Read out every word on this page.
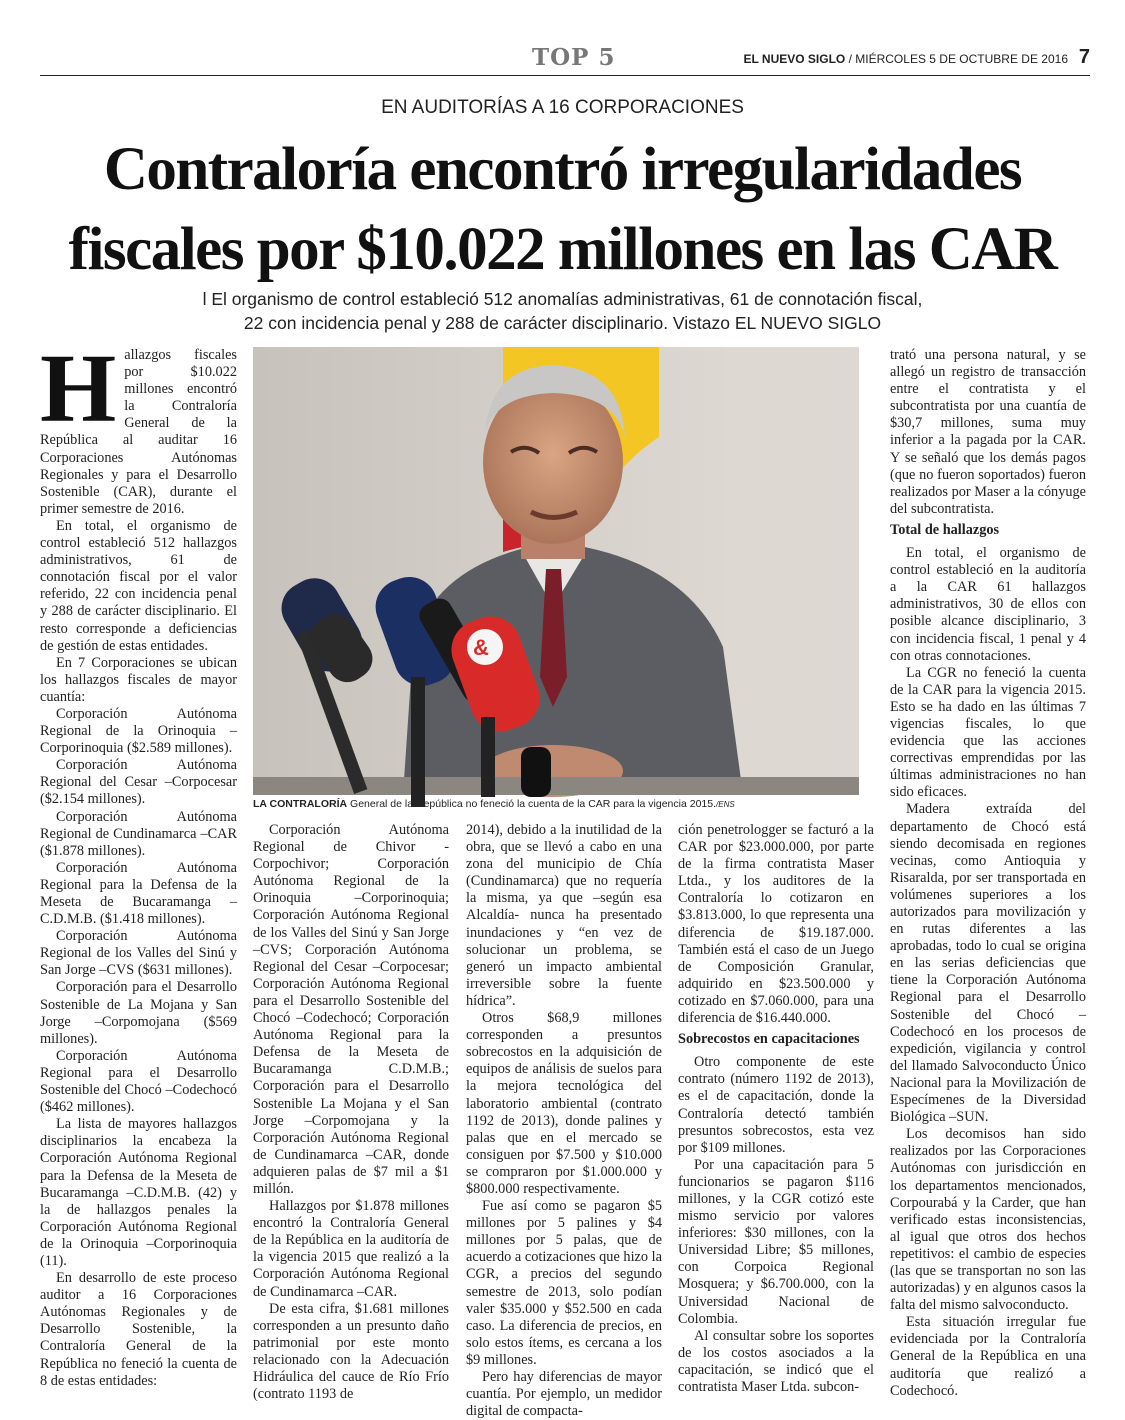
TOP 5	EL NUEVO SIGLO / MIÉRCOLES 5 DE OCTUBRE DE 2016 7
EN AUDITORÍAS A 16 CORPORACIONES
Contraloría encontró irregularidades
fiscales por $10.022 millones en las CAR
l El organismo de control estableció 512 anomalías administrativas, 61 de connotación fiscal,
22 con incidencia penal y 288 de carácter disciplinario. Vistazo EL NUEVO SIGLO
&
LA CONTRALORÍA General de la República no feneció la cuenta de la CAR para la vigencia 2015./ENS

Hallazgos fiscales por $10.022 millones encontró la Contraloría General de la República al auditar 16 Corporaciones Autónomas Regionales y para el Desarrollo Sostenible (CAR), durante el primer semestre de 2016.

En total, el organismo de control estableció 512 hallazgos administrativos, 61 de connotación fiscal por el valor referido, 22 con incidencia penal y 288 de carácter disciplinario. El resto corresponde a deficiencias de gestión de estas entidades.

En 7 Corporaciones se ubican los hallazgos fiscales de mayor cuantía:

Corporación Autónoma Regional de la Orinoquia –Corporinoquia ($2.589 millones).

Corporación Autónoma Regional del Cesar –Corpocesar ($2.154 millones).

Corporación Autónoma Regional de Cundinamarca –CAR ($1.878 millones).

Corporación Autónoma Regional para la Defensa de la Meseta de Bucaramanga –C.D.M.B. ($1.418 millones).

Corporación Autónoma Regional de los Valles del Sinú y San Jorge –CVS ($631 millones).

Corporación para el Desarrollo Sostenible de La Mojana y San Jorge –Corpomojana ($569 millones).

Corporación Autónoma Regional para el Desarrollo Sostenible del Chocó –Codechocó ($462 millones).

La lista de mayores hallazgos disciplinarios la encabeza la Corporación Autónoma Regional para la Defensa de la Meseta de Bucaramanga –C.D.M.B. (42) y la de hallazgos penales la Corporación Autónoma Regional de la Orinoquia –Corporinoquia (11).

En desarrollo de este proceso auditor a 16 Corporaciones Autónomas Regionales y de Desarrollo Sostenible, la Contraloría General de la República no feneció la cuenta de 8 de estas entidades:

Corporación Autónoma Regional de Chivor -Corpochivor; Corporación Autónoma Regional de la Orinoquia –Corporinoquia; Corporación Autónoma Regional de los Valles del Sinú y San Jorge –CVS; Corporación Autónoma Regional del Cesar –Corpocesar; Corporación Autónoma Regional para el Desarrollo Sostenible del Chocó –Codechocó; Corporación Autónoma Regional para la Defensa de la Meseta de Bucaramanga C.D.M.B.; Corporación para el Desarrollo Sostenible La Mojana y el San Jorge –Corpomojana y la Corporación Autónoma Regional de Cundinamarca –CAR, donde adquieren palas de $7 mil a $1 millón.

Hallazgos por $1.878 millones encontró la Contraloría General de la República en la auditoría de la vigencia 2015 que realizó a la Corporación Autónoma Regional de Cundinamarca –CAR.

De esta cifra, $1.681 millones corresponden a un presunto daño patrimonial por este monto relacionado con la Adecuación Hidráulica del cauce de Río Frío (contrato 1193 de

2014), debido a la inutilidad de la obra, que se llevó a cabo en una zona del municipio de Chía (Cundinamarca) que no requería la misma, ya que –según esa Alcaldía- nunca ha presentado inundaciones y “en vez de solucionar un problema, se generó un impacto ambiental irreversible sobre la fuente hídrica”.

Otros $68,9 millones corresponden a presuntos sobrecostos en la adquisición de equipos de análisis de suelos para la mejora tecnológica del laboratorio ambiental (contrato 1192 de 2013), donde palines y palas que en el mercado se consiguen por $7.500 y $10.000 se compraron por $1.000.000 y $800.000 respectivamente.

Fue así como se pagaron $5 millones por 5 palines y $4 millones por 5 palas, que de acuerdo a cotizaciones que hizo la CGR, a precios del segundo semestre de 2013, solo podían valer $35.000 y $52.500 en cada caso. La diferencia de precios, en solo estos ítems, es cercana a los $9 millones.

Pero hay diferencias de mayor cuantía. Por ejemplo, un medidor digital de compacta-

ción penetrologger se facturó a la CAR por $23.000.000, por parte de la firma contratista Maser Ltda., y los auditores de la Contraloría lo cotizaron en $3.813.000, lo que representa una diferencia de $19.187.000. También está el caso de un Juego de Composición Granular, adquirido en $23.500.000 y cotizado en $7.060.000, para una diferencia de $16.440.000.

Sobrecostos en capacitaciones

Otro componente de este contrato (número 1192 de 2013), es el de capacitación, donde la Contraloría detectó también presuntos sobrecostos, esta vez por $109 millones.

Por una capacitación para 5 funcionarios se pagaron $116 millones, y la CGR cotizó este mismo servicio por valores inferiores: $30 millones, con la Universidad Libre; $5 millones, con Corpoica Regional Mosquera; y $6.700.000, con la Universidad Nacional de Colombia.

Al consultar sobre los soportes de los costos asociados a la capacitación, se indicó que el contratista Maser Ltda. subcon-

trató una persona natural, y se allegó un registro de transacción entre el contratista y el subcontratista por una cuantía de $30,7 millones, suma muy inferior a la pagada por la CAR. Y se señaló que los demás pagos (que no fueron soportados) fueron realizados por Maser a la cónyuge del subcontratista.

Total de hallazgos

En total, el organismo de control estableció en la auditoría a la CAR 61 hallazgos administrativos, 30 de ellos con posible alcance disciplinario, 3 con incidencia fiscal, 1 penal y 4 con otras connotaciones.

La CGR no feneció la cuenta de la CAR para la vigencia 2015. Esto se ha dado en las últimas 7 vigencias fiscales, lo que evidencia que las acciones correctivas emprendidas por las últimas administraciones no han sido eficaces.

Madera extraída del departamento de Chocó está siendo decomisada en regiones vecinas, como Antioquia y Risaralda, por ser transportada en volúmenes superiores a los autorizados para movilización y en rutas diferentes a las aprobadas, todo lo cual se origina en las serias deficiencias que tiene la Corporación Autónoma Regional para el Desarrollo Sostenible del Chocó –Codechocó en los procesos de expedición, vigilancia y control del llamado Salvoconducto Único Nacional para la Movilización de Especímenes de la Diversidad Biológica –SUN.

Los decomisos han sido realizados por las Corporaciones Autónomas con jurisdicción en los departamentos mencionados, Corpourabá y la Carder, que han verificado estas inconsistencias, al igual que otros dos hechos repetitivos: el cambio de especies (las que se transportan no son las autorizadas) y en algunos casos la falta del mismo salvoconducto.

Esta situación irregular fue evidenciada por la Contraloría General de la República en una auditoría que realizó a Codechocó.
